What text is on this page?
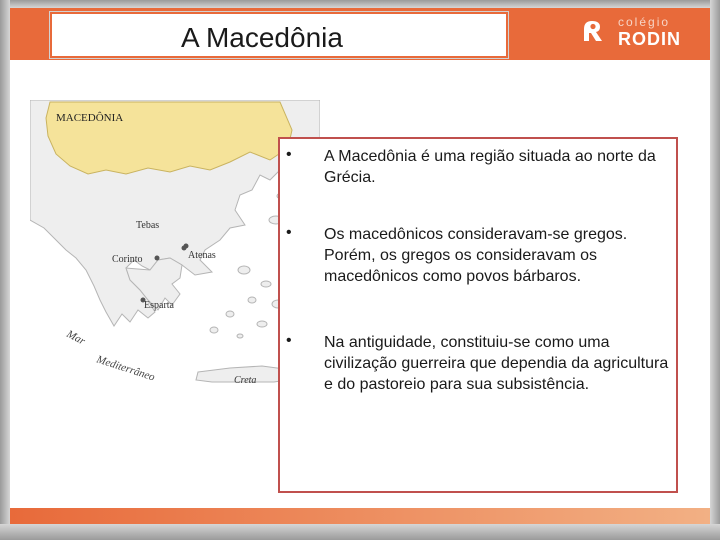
A Macedônia	colégio
RODIN
MACEDÔNIA
Tebas
Atenas
Corinto
Esparta
Creta
Mar
Mediterrâneo
• A Macedônia é uma região situada ao norte da Grécia.
• Os macedônicos consideravam-se gregos. Porém, os gregos os consideravam os macedônicos como povos bárbaros.
• Na antiguidade, constituiu-se como uma civilização guerreira que dependia da agricultura e do pastoreio para sua subsistência.
